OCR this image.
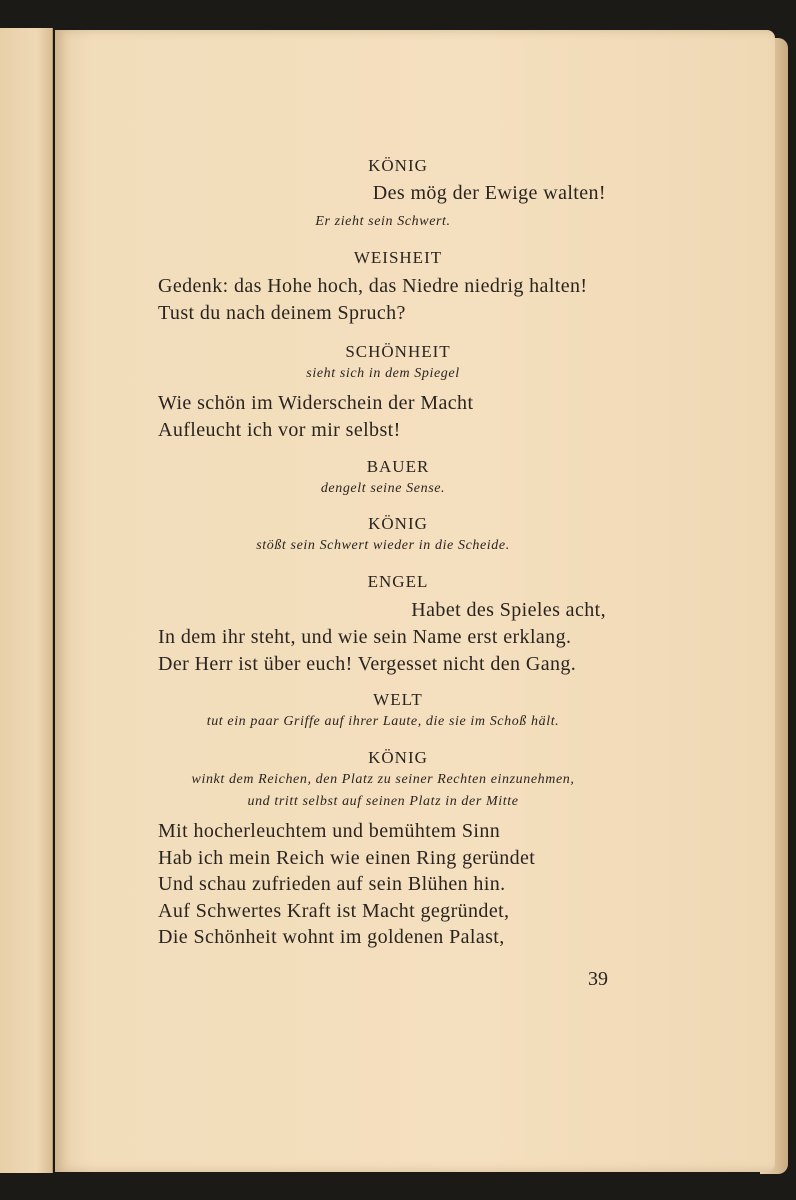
KÖNIG

Des mög der Ewige walten!

Er zieht sein Schwert.

WEISHEIT

Gedenk: das Hohe hoch, das Niedre niedrig halten!

Tust du nach deinem Spruch?

SCHÖNHEIT

sieht sich in dem Spiegel

Wie schön im Widerschein der Macht

Aufleucht ich vor mir selbst!

BAUER

dengelt seine Sense.

KÖNIG

stößt sein Schwert wieder in die Scheide.

ENGEL

Habet des Spieles acht,

In dem ihr steht, und wie sein Name erst erklang.

Der Herr ist über euch! Vergesset nicht den Gang.

WELT

tut ein paar Griffe auf ihrer Laute, die sie im Schoß hält.

KÖNIG

winkt dem Reichen, den Platz zu seiner Rechten einzunehmen,

und tritt selbst auf seinen Platz in der Mitte

Mit hocherleuchtem und bemühtem Sinn

Hab ich mein Reich wie einen Ring geründet

Und schau zufrieden auf sein Blühen hin.

Auf Schwertes Kraft ist Macht gegründet,

Die Schönheit wohnt im goldenen Palast,

39
